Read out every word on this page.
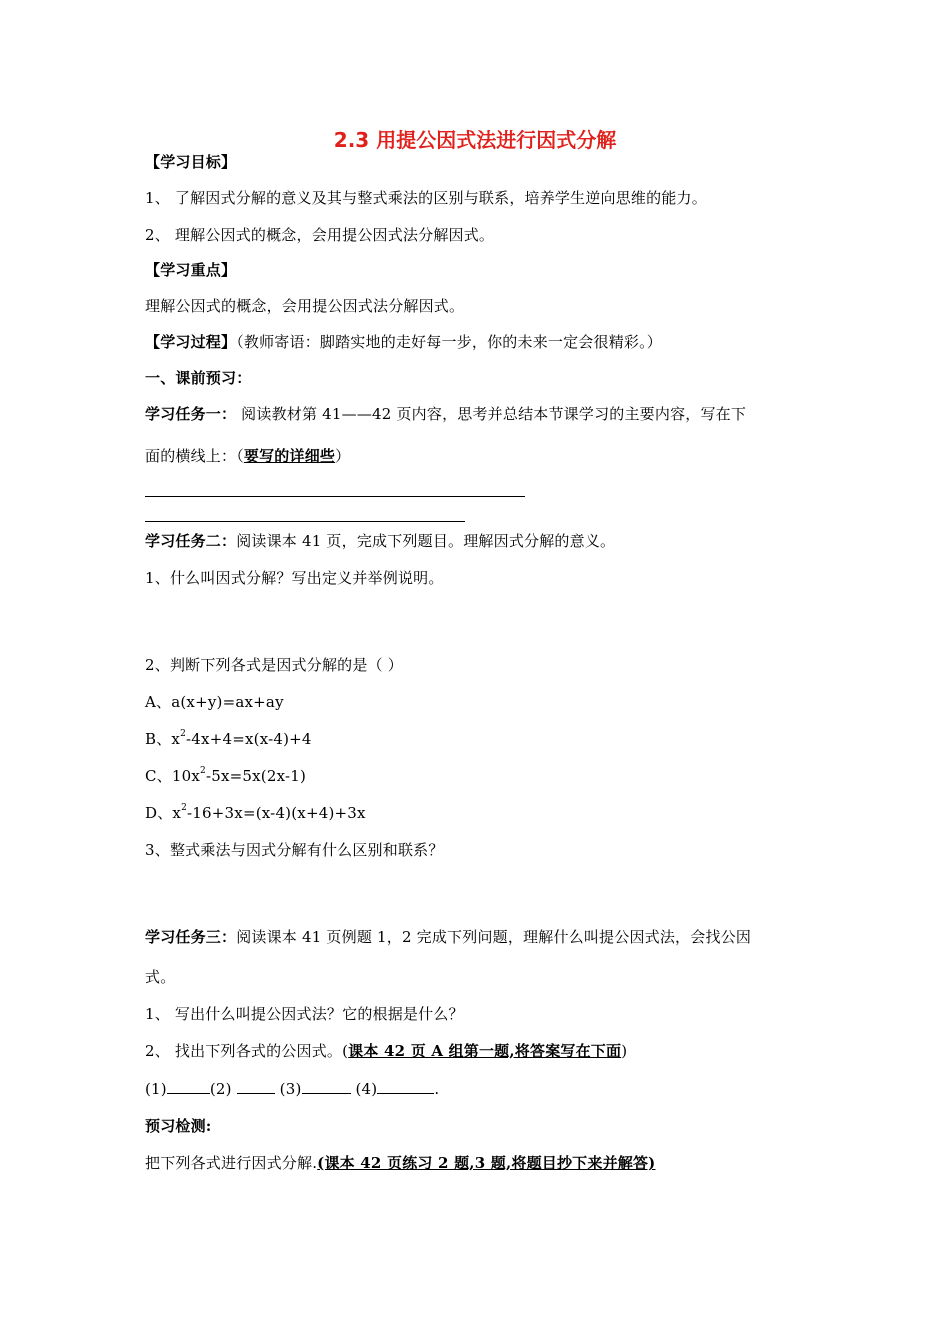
2.3 用提公因式法进行因式分解
【学习目标】
1、 了解因式分解的意义及其与整式乘法的区别与联系，培养学生逆向思维的能力。
2、 理解公因式的概念，会用提公因式法分解因式。
【学习重点】
理解公因式的概念，会用提公因式法分解因式。
【学习过程】（教师寄语：脚踏实地的走好每一步，你的未来一定会很精彩。）
一、课前预习：
学习任务一： 阅读教材第 41——42 页内容，思考并总结本节课学习的主要内容，写在下
面的横线上：（要写的详细些）
学习任务二：阅读课本 41 页，完成下列题目。理解因式分解的意义。
1、什么叫因式分解？写出定义并举例说明。
2、判断下列各式是因式分解的是（ ）
A、a(x+y)=ax+ay
B、$x^2-4x+4=x(x-4)+4$
C、$10x^2-5x=5x(2x-1)$
D、$x^2-16+3x=(x-4)(x+4)+3x$
3、整式乘法与因式分解有什么区别和联系？
学习任务三：阅读课本 41 页例题 1，2 完成下列问题，理解什么叫提公因式法，会找公因
式。
1、 写出什么叫提公因式法？它的根据是什么？
2、 找出下列各式的公因式。(课本 42 页 A 组第一题,将答案写在下面)
(1)	(2)	(3)	(4)	.
预习检测:
把下列各式进行因式分解.(课本 42 页练习 2 题,3 题,将题目抄下来并解答)
